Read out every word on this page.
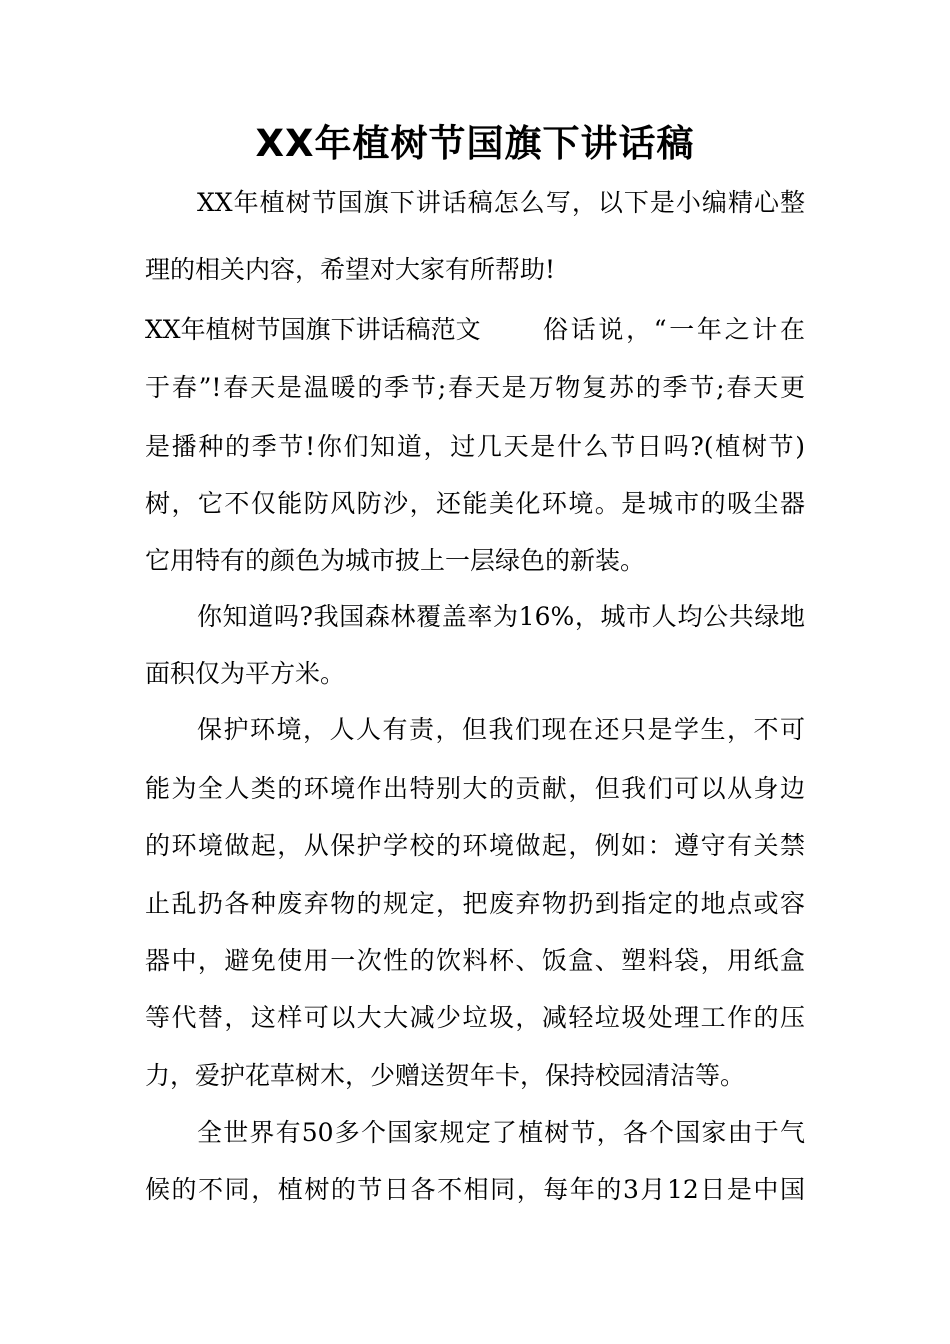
XX年植树节国旗下讲话稿
XX年植树节国旗下讲话稿怎么写，以下是小编精心整
理的相关内容，希望对大家有所帮助!
XX年植树节国旗下讲话稿范文 俗话说，“一年之计在
于春”!春天是温暖的季节;春天是万物复苏的季节;春天更
是播种的季节!你们知道，过几天是什么节日吗?(植树节)
树，它不仅能防风防沙，还能美化环境。是城市的吸尘器
它用特有的颜色为城市披上一层绿色的新装。
你知道吗?我国森林覆盖率为16%，城市人均公共绿地
面积仅为平方米。
保护环境，人人有责，但我们现在还只是学生，不可
能为全人类的环境作出特别大的贡献，但我们可以从身边
的环境做起，从保护学校的环境做起，例如：遵守有关禁
止乱扔各种废弃物的规定，把废弃物扔到指定的地点或容
器中，避免使用一次性的饮料杯、饭盒、塑料袋，用纸盒
等代替，这样可以大大减少垃圾，减轻垃圾处理工作的压
力，爱护花草树木，少赠送贺年卡，保持校园清洁等。
全世界有50多个国家规定了植树节，各个国家由于气
候的不同，植树的节日各不相同，每年的3月12日是中国
